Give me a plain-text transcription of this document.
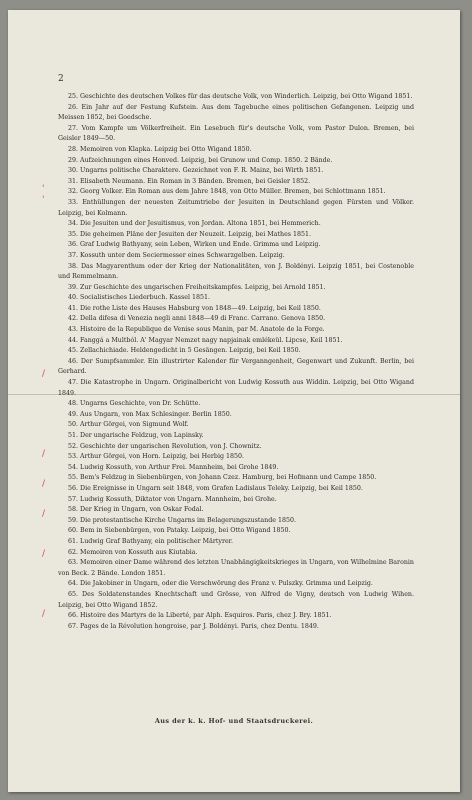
2
25. Geschichte des deutschen Volkes für das deutsche Volk, von Winderlich. Leipzig, bei Otto Wigand 1851.
26. Ein Jahr auf der Festung Kufstein. Aus dem Tagebuche eines politischen Gefangenen. Leipzig und Meissen 1852, bei Goedsche.
27. Vom Kampfe um Völkerfreiheit. Ein Lesebuch für's deutsche Volk, vom Pastor Dulon. Bremen, bei Geisler 1849—50.
28. Memoiren von Klapka. Leipzig bei Otto Wigand 1850.
29. Aufzeichnungen eines Honved. Leipzig, bei Grunow und Comp. 1850. 2 Bände.
30. Ungarns politische Charaktere. Gezeichnet von F. R. Mainz, bei Wirth 1851.
31. Elisabeth Neumann. Ein Roman in 3 Bänden. Bremen, bei Geisler 1852.
32. Georg Volker. Ein Roman aus dem Jahre 1848, von Otto Müller. Bremen, bei Schlottmann 1851.
33. Enthüllungen der neuesten Zeitumtriebe der Jesuiten in Deutschland gegen Fürsten und Völker. Leipzig, bei Kolmann.
34. Die Jesuiten und der Jesuitismus, von Jordan. Altona 1851, bei Hemmerich.
35. Die geheimen Pläne der Jesuiten der Neuzeit. Leipzig, bei Mathes 1851.
36. Graf Ludwig Bathyany, sein Leben, Wirken und Ende. Grimma und Leipzig.
37. Kossuth unter dem Seciermesser eines Schwarzgelben. Leipzig.
38. Das Magyarenthum oder der Krieg der Nationalitäten, von J. Boldényi. Leipzig 1851, bei Costenoble und Remmelmann.
39. Zur Geschichte des ungarischen Freiheitskampfes. Leipzig, bei Arnold 1851.
40. Socialistisches Liederbuch. Kassel 1851.
41. Die rothe Liste des Hauses Habsburg von 1848—49. Leipzig, bei Keil 1850.
42. Della difesa di Venezia negli anni 1848—49 di Franc. Carrano. Genova 1850.
43. Histoire de la Republique de Venise sous Manin, par M. Anatole de la Forge.
44. Fanggá a Multból. A' Magyar Nemzet nagy napjainak emlékeül. Lipcse, Keil 1851.
45. Zellachichiade. Heldengedicht in 5 Gesängen. Leipzig, bei Keil 1850.
46. Der Sumpfsammler. Ein illustrirter Kalender für Verganngenheit, Gegenwart und Zukunft. Berlin, bei Gerhard.
47. Die Katastrophe in Ungarn. Originalbericht von Ludwig Kossuth aus Widdin. Leipzig, bei Otto Wigand 1849.
48. Ungarns Geschichte, von Dr. Schütte.
49. Aus Ungarn, von Max Schlesinger. Berlin 1850.
50. Arthur Görgei, von Sigmund Wolf.
51. Der ungarische Feldzug, von Lapinsky.
52. Geschichte der ungarischen Revolution, von J. Chownitz.
53. Arthur Görgei, von Horn. Leipzig, bei Herbig 1850.
54. Ludwig Kossuth, von Arthur Frei. Mannheim, bei Grohe 1849.
55. Bem's Feldzug in Siebenbürgen, von Johann Czez. Hamburg, bei Hofmann und Campe 1850.
56. Die Ereignisse in Ungarn seit 1848, vom Grafen Ladislaus Teleky. Leipzig, bei Keil 1850.
57. Ludwig Kossuth, Diktator von Ungarn. Mannheim, bei Grohe.
58. Der Krieg in Ungarn, von Oskar Fodal.
59. Die protestantische Kirche Ungarns im Belagerungszustande 1850.
60. Bem in Siebenbürgen, von Pataky. Leipzig, bei Otto Wigand 1850.
61. Ludwig Graf Bathyany, ein politischer Märtyrer.
62. Memoiren von Kossuth aus Kiutabia.
63. Memoiren einer Dame während des letzten Unabhängigkeitskrieges in Ungarn, von Wilhelmine Baronin von Beck. 2 Bände. London 1851.
64. Die Jakobiner in Ungarn, oder die Verschwörung des Franz v. Pulszky. Grimma und Leipzig.
65. Des Soldatenstandes Knechtschaft und Grösse, von Alfred de Vigny, deutsch von Ludwig Wihen. Leipzig, bei Otto Wigand 1852.
66. Histoire des Martyrs de la Liberté, par Alph. Esquiros. Paris, chez J. Bry. 1851.
67. Pages de la Révolution hongroise, par J. Boldényi. Paris, chez Dentu. 1849.
'
'
/
/
/
/
/
/
Aus der k. k. Hof- und Staatsdruckerei.
